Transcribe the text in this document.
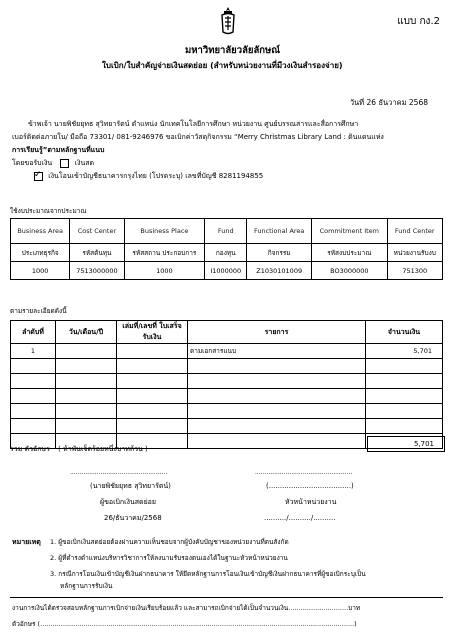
แบบ กง.2
มหาวิทยาลัยวลัยลักษณ์
ใบเบิก/ใบสำคัญจ่ายเงินสดย่อย (สำหรับหน่วยงานที่มีวงเงินสำรองจ่าย)
วันที่ 26 ธันวาคม 2568
ข้าพเจ้า นายพิชัยยุทธ สุวิทยารัตน์ ตำแหน่ง นักเทคโนโลยีการศึกษา หน่วยงาน ศูนย์บรรณสารและสื่อการศึกษา
เบอร์ติดต่อภายใน/ มือถือ 73301/ 081-9246976 ขอเบิกค่าวัสดุกิจกรรม “Merry Christmas Library Land : ดินแดนแห่ง
การเรียนรู้”ตามหลักฐานที่แนบ
โดยขอรับเงิน	เงินสด
✓ เงินโอนเข้าบัญชีธนาคารกรุงไทย (โปรดระบุ) เลขที่บัญชี 8281194855
ใช้งบประมาณจากประมาณ
Business Area	Cost Center	Business Place	Fund	Functional Area	Commitment Item	Fund Center
ประเภทธุรกิจ	รหัสต้นทุน	รหัสสถาน ประกอบการ	กองทุน	กิจกรรม	รหัสงบประมาณ	หน่วยงานรับงบ
1000	7513000000	1000	I1000000	Z1030101009	BO3000000	751300
ตามรายละเอียดดังนี้
ลำดับที่	วัน/เดือน/ปี	เล่มที่/เลขที่ ใบเสร็จรับเงิน	รายการ	จำนวนเงิน
1			ตามเอกสารแนบ	5,701

รวม ตัวอักษร ( ห้าพันเจ็ดร้อยหนึ่งบาทถ้วน )
5,701
...................................................	...................................................
(นายพิชัยยุทธ สุวิทยารัตน์)	(.....................................)
ผู้ขอเบิกเงินสดย่อย	หัวหน้าหน่วยงาน
26/ธันวาคม/2568	........../........../..........
หมายเหตุ 1. ผู้ขอเบิกเงินสดย่อยต้องผ่านความเห็นชอบจากผู้บังคับบัญชาของหน่วยงานที่ตนสังกัด
2. ผู้ที่ดำรงตำแหน่งบริหารวิชาการให้ลงนามรับรองตนเองได้ในฐานะหัวหน้าหน่วยงาน
3. กรณีการโอนเงินเข้าบัญชีเงินฝากธนาคาร ให้ยึดหลักฐานการโอนเงินเข้าบัญชีเงินฝากธนาคารที่ผู้ขอเบิกระบุเป็น
หลักฐานการรับเงิน
งานการเงินได้ตรวจสอบหลักฐานการเบิกจ่ายเงินเรียบร้อยแล้ว และสามารถเบิกจ่ายได้เป็นจำนวนเงิน.............................บาท
ตัวอักษร (........................................................................................................................................................)
